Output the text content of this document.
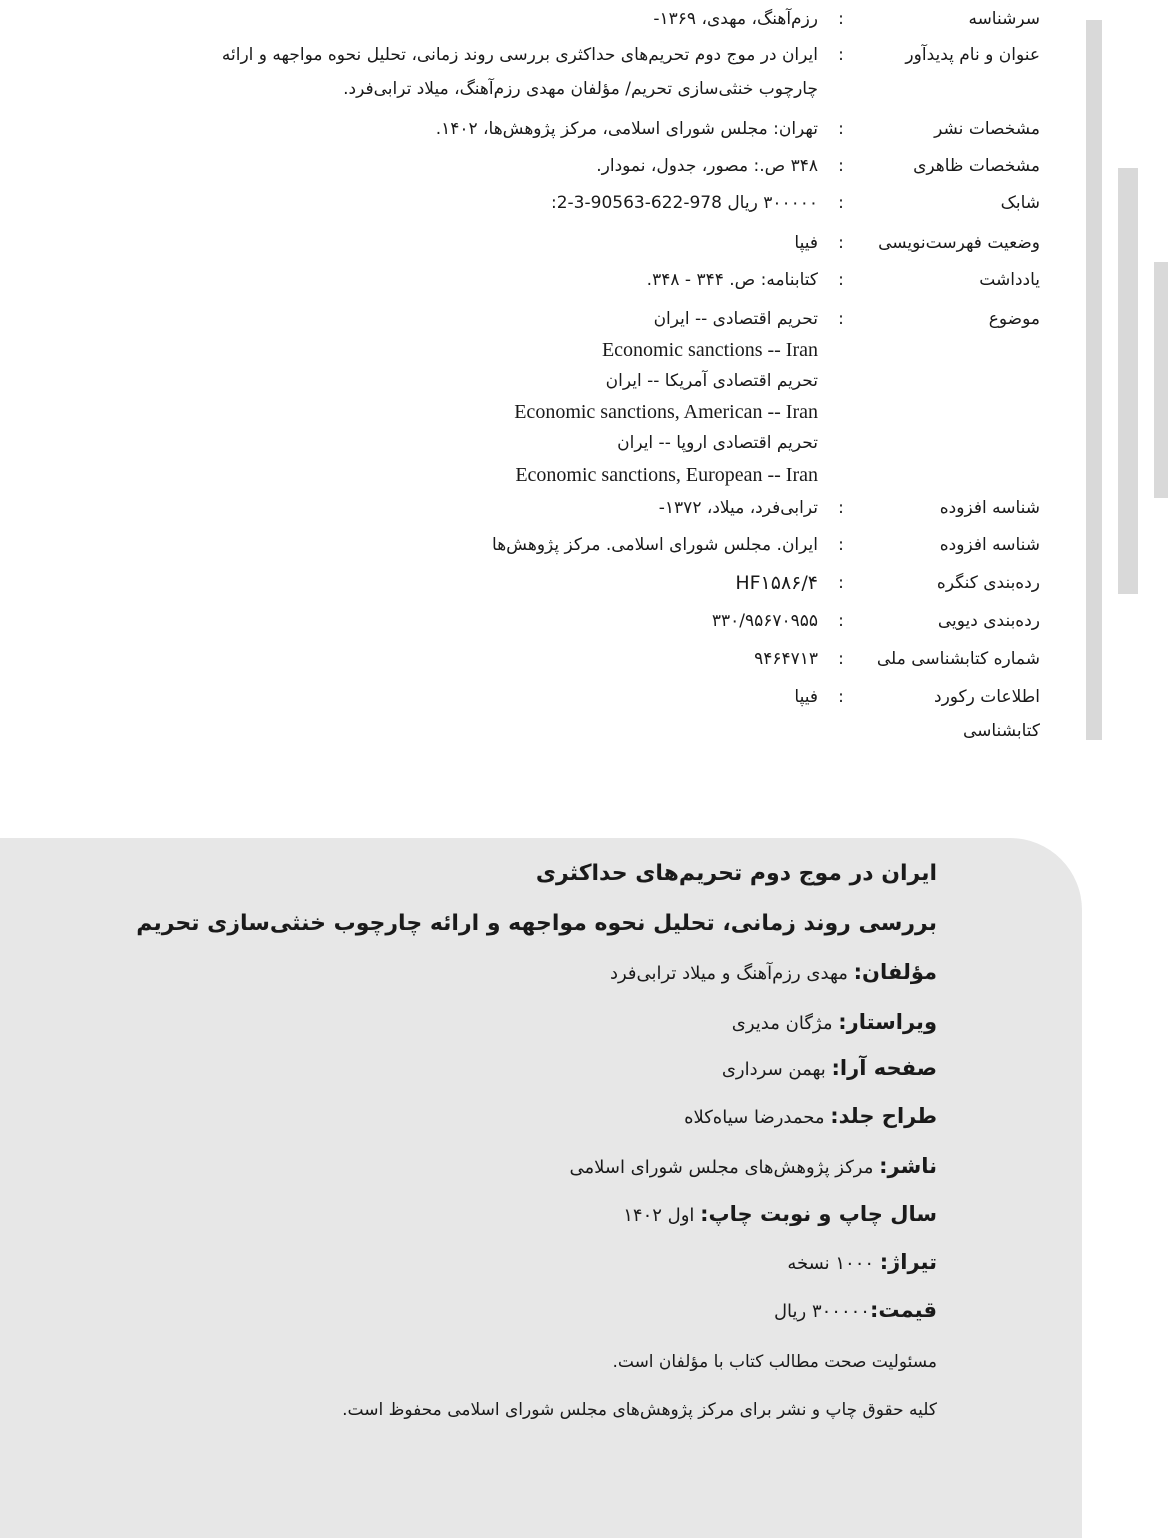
سرشناسه
:
رزم‌آهنگ، مهدی، ۱۳۶۹-
عنوان و نام پدیدآور
:
ایران در موج دوم تحریم‌های حداکثری بررسی روند زمانی، تحلیل نحوه مواجهه و ارائه
چارچوب خنثی‌سازی تحریم/ مؤلفان مهدی رزم‌آهنگ، میلاد ترابی‌فرد.
مشخصات نشر
:
تهران: مجلس شورای اسلامی، مرکز پژوهش‌ها، ۱۴۰۲.
مشخصات ظاهری
:
۳۴۸ ص.: مصور، جدول، نمودار.
شابک
:
۳۰۰۰۰۰ ریال 978-622-90563-3-2:
وضعیت فهرست‌نویسی
:
فیپا
یادداشت
:
کتابنامه: ص. ۳۴۴ - ۳۴۸.
موضوع
:
تحریم اقتصادی -- ایران
Economic sanctions -- Iran
تحریم اقتصادی آمریکا -- ایران
Economic sanctions, American -- Iran
تحریم اقتصادی اروپا -- ایران
Economic sanctions, European -- Iran
شناسه افزوده
:
ترابی‌فرد، میلاد، ۱۳۷۲-
شناسه افزوده
:
ایران. مجلس شورای اسلامی. مرکز پژوهش‌ها
رده‌بندی کنگره
:
HF۱۵۸۶/۴
رده‌بندی دیویی
:
۳۳۰/۹۵۶۷۰۹۵۵
شماره کتابشناسی ملی
:
۹۴۶۴۷۱۳
اطلاعات رکورد
کتابشناسی
:
فیپا
ایران در موج دوم تحریم‌های حداکثری
بررسی روند زمانی، تحلیل نحوه مواجهه و ارائه چارچوب خنثی‌سازی تحریم
مؤلفان: مهدی رزم‌آهنگ و میلاد ترابی‌فرد
ویراستار: مژگان مدیری
صفحه آرا: بهمن سرداری
طراح جلد: محمدرضا سیاه‌کلاه
ناشر: مرکز پژوهش‌های مجلس شورای اسلامی
سال چاپ و نوبت چاپ: اول ۱۴۰۲
تیراژ: ۱۰۰۰ نسخه
قیمت:۳۰۰۰۰۰ ریال
مسئولیت صحت مطالب کتاب با مؤلفان است.
کلیه حقوق چاپ و نشر برای مرکز پژوهش‌های مجلس شورای اسلامی محفوظ است.
